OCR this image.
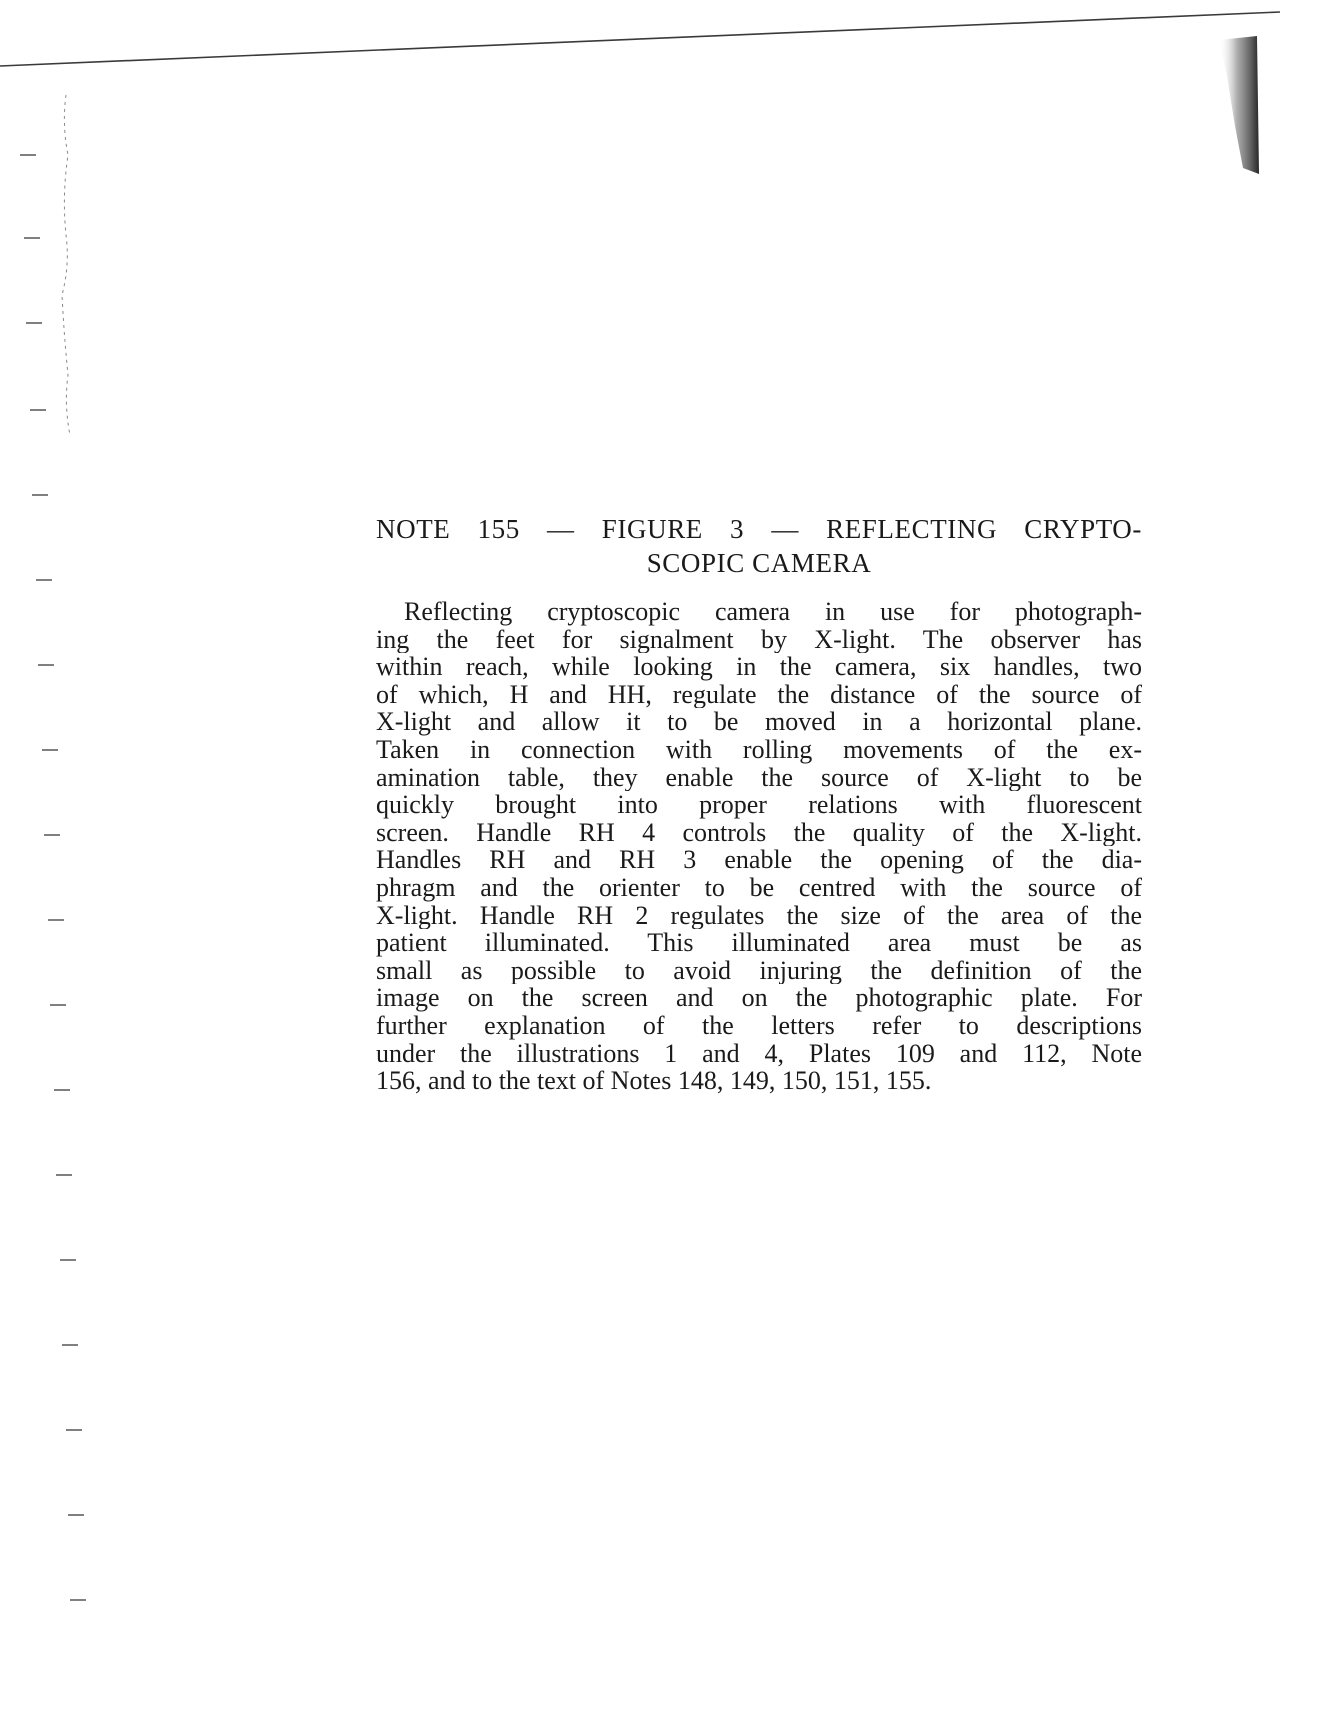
NOTE 155 — FIGURE 3 — REFLECTING CRYPTO-
SCOPIC CAMERA
Reflecting cryptoscopic camera in use for photograph-
ing the feet for signalment by X-light. The observer has
within reach, while looking in the camera, six handles, two
of which, H and HH, regulate the distance of the source of
X-light and allow it to be moved in a horizontal plane.
Taken in connection with rolling movements of the ex-
amination table, they enable the source of X-light to be
quickly brought into proper relations with fluorescent
screen. Handle RH 4 controls the quality of the X-light.
Handles RH and RH 3 enable the opening of the dia-
phragm and the orienter to be centred with the source of
X-light. Handle RH 2 regulates the size of the area of the
patient illuminated. This illuminated area must be as
small as possible to avoid injuring the definition of the
image on the screen and on the photographic plate. For
further explanation of the letters refer to descriptions
under the illustrations 1 and 4, Plates 109 and 112, Note
156, and to the text of Notes 148, 149, 150, 151, 155.
